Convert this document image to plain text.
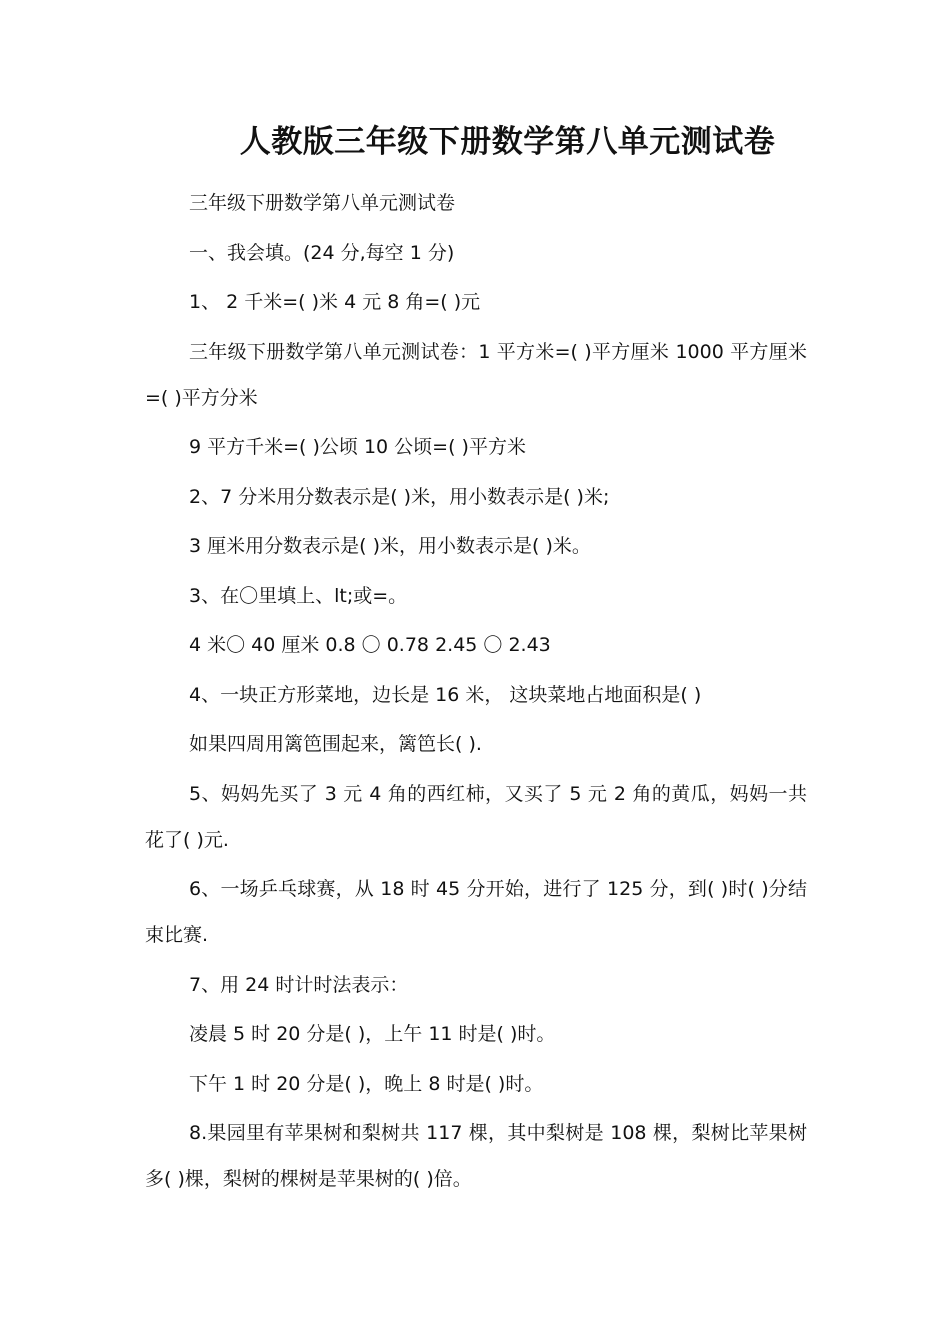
人教版三年级下册数学第八单元测试卷

三年级下册数学第八单元测试卷

一、我会填。(24 分,每空 1 分)

1、 2 千米=( )米 4 元 8 角=( )元

三年级下册数学第八单元测试卷：1 平方米=( )平方厘米 1000 平方厘米=( )平方分米

9 平方千米=( )公顷 10 公顷=( )平方米

2、7 分米用分数表示是( )米，用小数表示是( )米;

3 厘米用分数表示是( )米，用小数表示是( )米。

3、在〇里填上、lt;或=。

4 米〇 40 厘米 0.8 〇 0.78 2.45 〇 2.43

4、一块正方形菜地，边长是 16 米， 这块菜地占地面积是( )

如果四周用篱笆围起来，篱笆长( ).

5、妈妈先买了 3 元 4 角的西红柿，又买了 5 元 2 角的黄瓜，妈妈一共花了( )元.

6、一场乒乓球赛，从 18 时 45 分开始，进行了 125 分，到( )时( )分结束比赛.

7、用 24 时计时法表示：

凌晨 5 时 20 分是( )，上午 11 时是( )时。

下午 1 时 20 分是( )，晚上 8 时是( )时。

8.果园里有苹果树和梨树共 117 棵，其中梨树是 108 棵，梨树比苹果树多( )棵，梨树的棵树是苹果树的( )倍。
